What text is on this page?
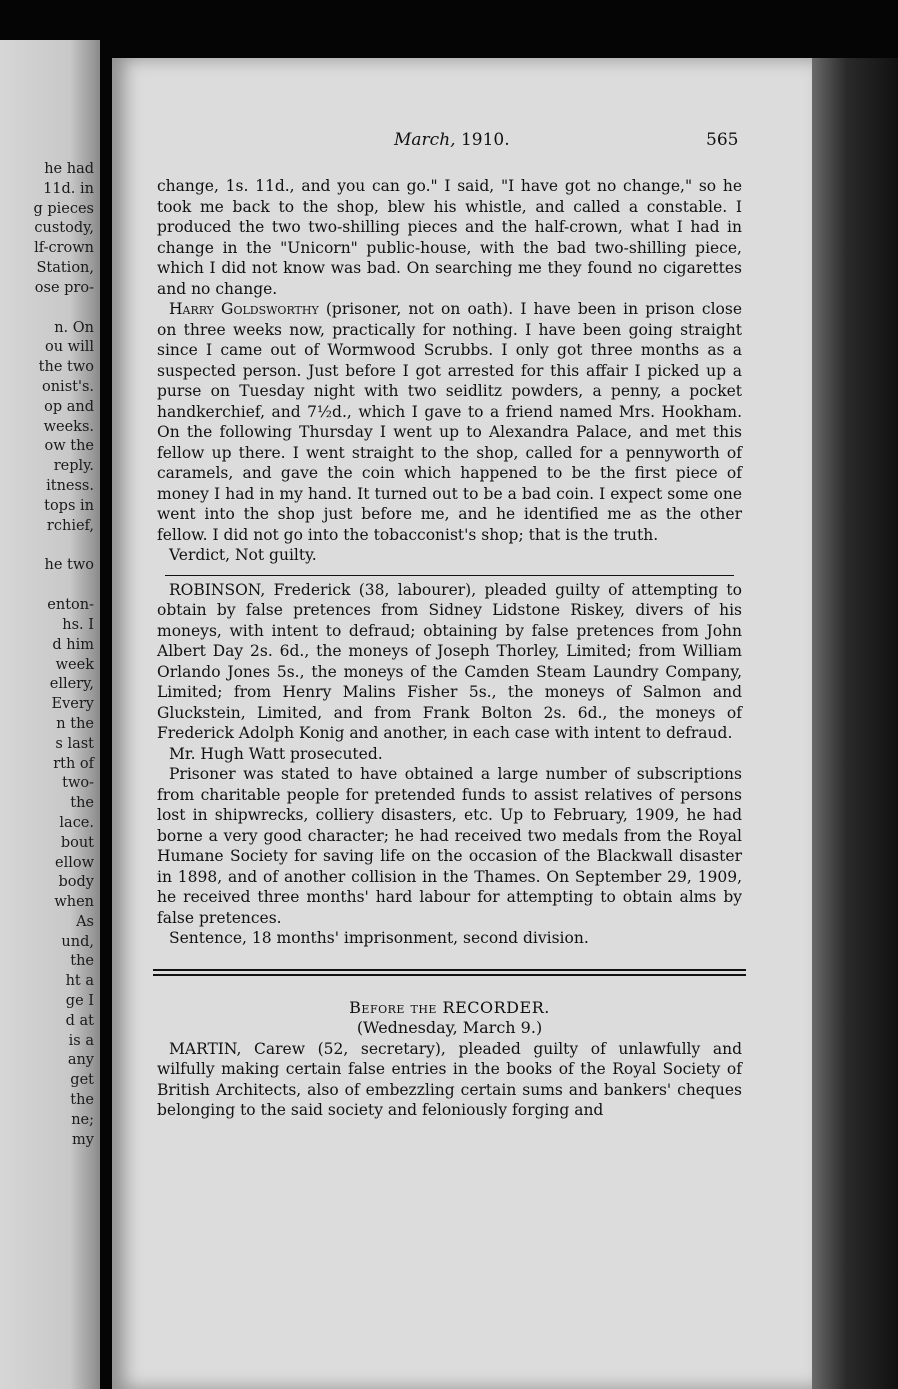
he had
11d. in
g pieces
custody,
lf-crown
Station,
ose pro-
n. On
ou will
the two
onist's.
op and
weeks.
ow the
reply.
itness.
tops in
rchief,
he two
enton-
hs. I
d him
week
ellery,
Every
n the
s last
rth of
two-
the
lace.
bout
ellow
body
when
As
und,
the
ht a
ge I
d at
is a
any
get
the
ne;
my
March, 1910.	565

change, 1s. 11d., and you can go." I said, "I have got no change," so he took me back to the shop, blew his whistle, and called a constable. I produced the two two-shilling pieces and the half-crown, what I had in change in the "Unicorn" public-house, with the bad two-shilling piece, which I did not know was bad. On searching me they found no cigarettes and no change.

Harry Goldsworthy (prisoner, not on oath). I have been in prison close on three weeks now, practically for nothing. I have been going straight since I came out of Wormwood Scrubbs. I only got three months as a suspected person. Just before I got arrested for this affair I picked up a purse on Tuesday night with two seidlitz powders, a penny, a pocket handkerchief, and 7½d., which I gave to a friend named Mrs. Hookham. On the following Thursday I went up to Alexandra Palace, and met this fellow up there. I went straight to the shop, called for a pennyworth of caramels, and gave the coin which happened to be the first piece of money I had in my hand. It turned out to be a bad coin. I expect some one went into the shop just before me, and he identified me as the other fellow. I did not go into the tobacconist's shop; that is the truth.

Verdict, Not guilty.

ROBINSON, Frederick (38, labourer), pleaded guilty of attempting to obtain by false pretences from Sidney Lidstone Riskey, divers of his moneys, with intent to defraud; obtaining by false pretences from John Albert Day 2s. 6d., the moneys of Joseph Thorley, Limited; from William Orlando Jones 5s., the moneys of the Camden Steam Laundry Company, Limited; from Henry Malins Fisher 5s., the moneys of Salmon and Gluckstein, Limited, and from Frank Bolton 2s. 6d., the moneys of Frederick Adolph Konig and another, in each case with intent to defraud.

Mr. Hugh Watt prosecuted.

Prisoner was stated to have obtained a large number of subscriptions from charitable people for pretended funds to assist relatives of persons lost in shipwrecks, colliery disasters, etc. Up to February, 1909, he had borne a very good character; he had received two medals from the Royal Humane Society for saving life on the occasion of the Blackwall disaster in 1898, and of another collision in the Thames. On September 29, 1909, he received three months' hard labour for attempting to obtain alms by false pretences.

Sentence, 18 months' imprisonment, second division.

Before the RECORDER.

(Wednesday, March 9.)

MARTIN, Carew (52, secretary), pleaded guilty of unlawfully and wilfully making certain false entries in the books of the Royal Society of British Architects, also of embezzling certain sums and bankers' cheques belonging to the said society and feloniously forging and
